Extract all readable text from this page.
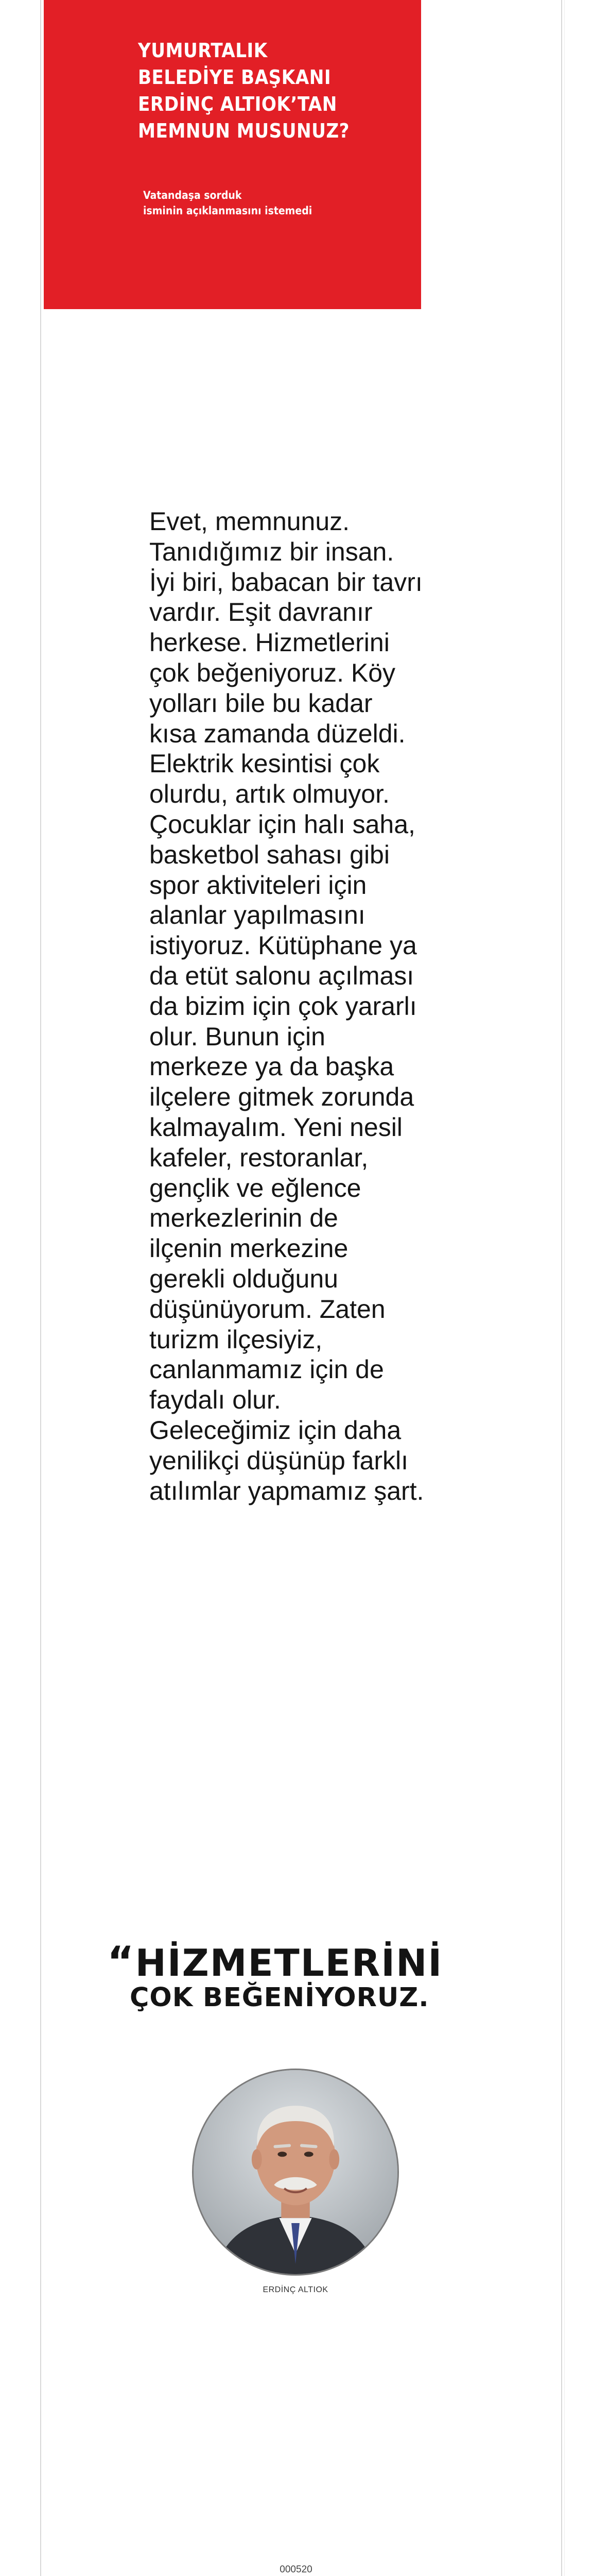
YUMURTALIK
BELEDİYE BAŞKANI
ERDİNÇ ALTIOK’TAN
MEMNUN MUSUNUZ?
Vatandaşa sorduk
isminin açıklanmasını istemedi

Evet, memnunuz.
Tanıdığımız bir insan.
İyi biri, babacan bir tavrı
vardır. Eşit davranır
herkese. Hizmetlerini
çok beğeniyoruz. Köy
yolları bile bu kadar
kısa zamanda düzeldi.
Elektrik kesintisi çok
olurdu, artık olmuyor.
Çocuklar için halı saha,
basketbol sahası gibi
spor aktiviteleri için
alanlar yapılmasını
istiyoruz. Kütüphane ya
da etüt salonu açılması
da bizim için çok yararlı
olur. Bunun için
merkeze ya da başka
ilçelere gitmek zorunda
kalmayalım. Yeni nesil
kafeler, restoranlar,
gençlik ve eğlence
merkezlerinin de
ilçenin merkezine
gerekli olduğunu
düşünüyorum. Zaten
turizm ilçesiyiz,
canlanmamız için de
faydalı olur.
Geleceğimiz için daha
yenilikçi düşünüp farklı
atılımlar yapmamız şart.

“HİZMETLERİNİ
ÇOK BEĞENİYORUZ.
ERDİNÇ ALTIOK
000520
